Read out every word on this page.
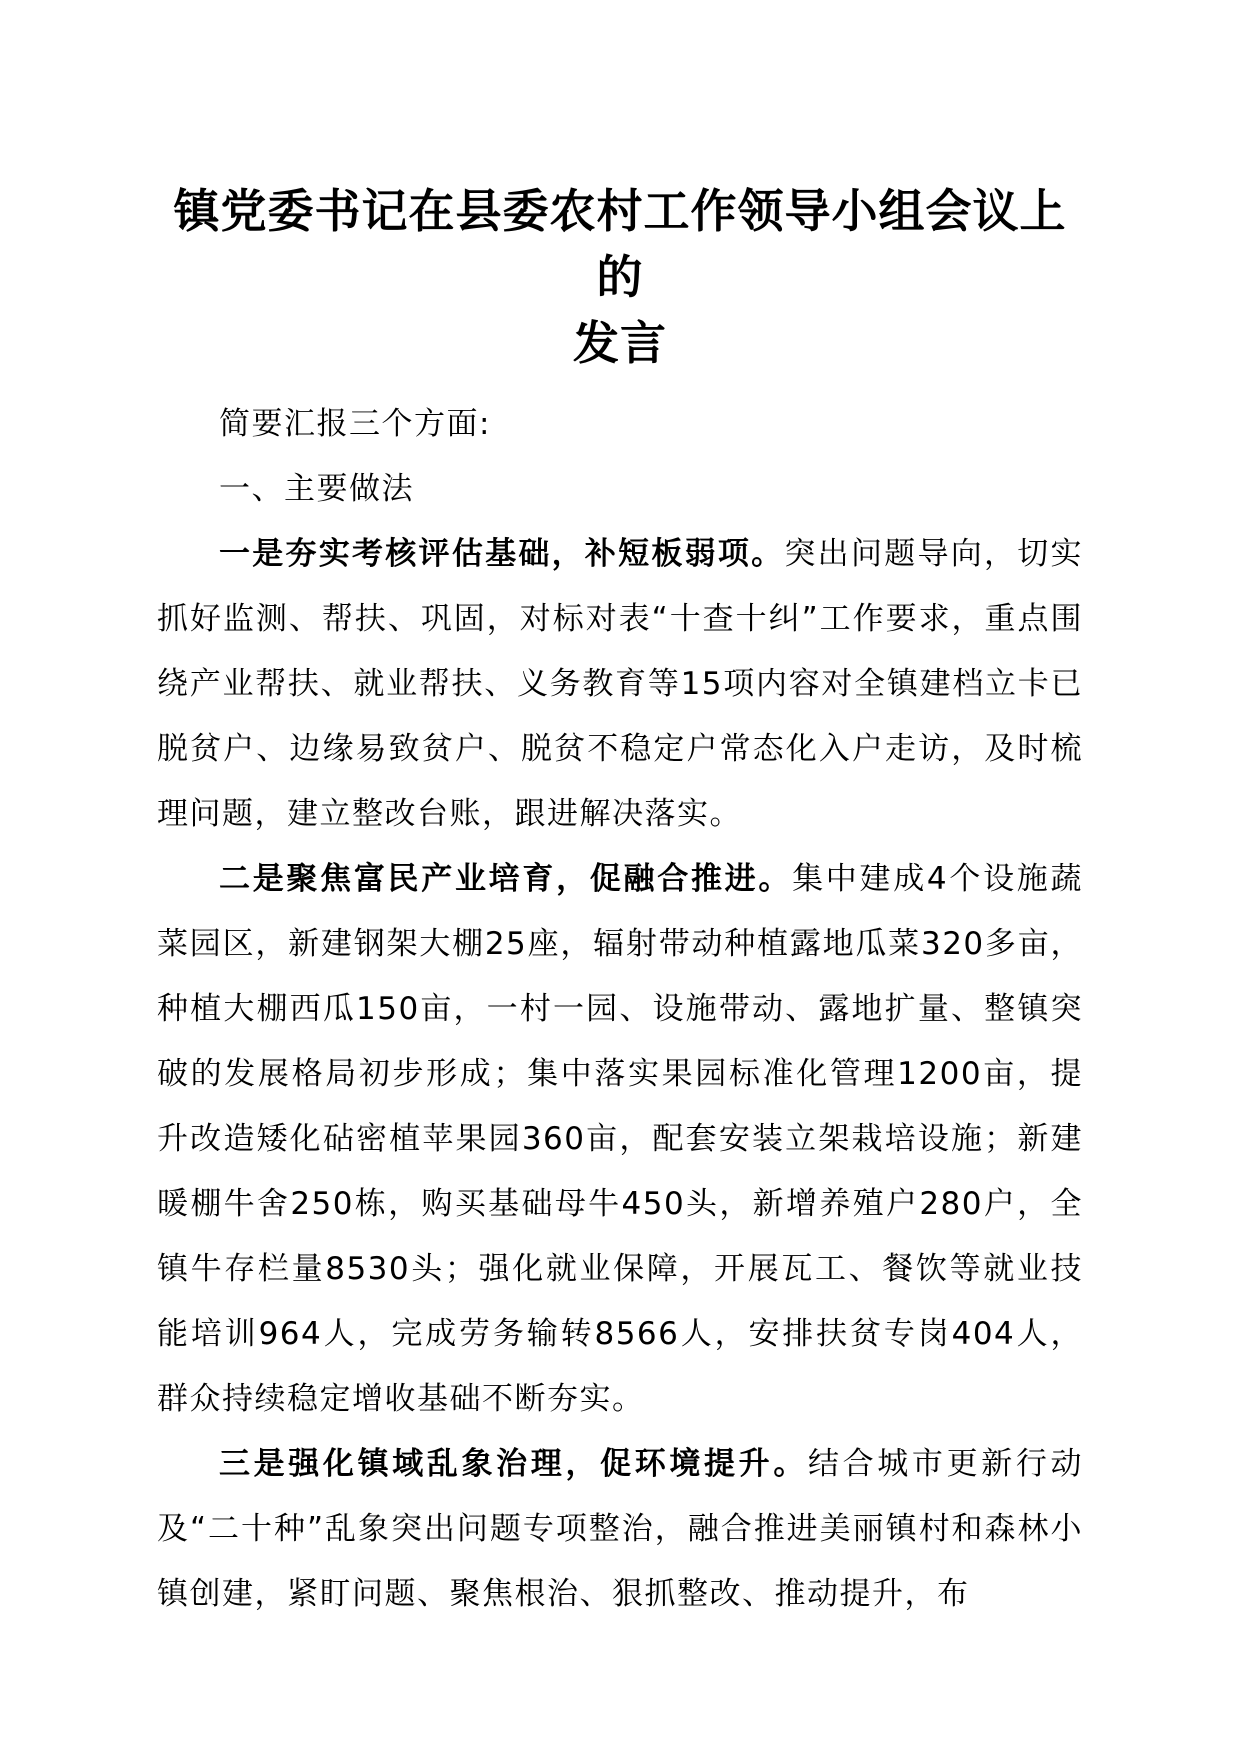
镇党委书记在县委农村工作领导小组会议上的
发言

简要汇报三个方面:

一、主要做法

一是夯实考核评估基础，补短板弱项。突出问题导向，切实抓好监测、帮扶、巩固，对标对表“十查十纠”工作要求，重点围绕产业帮扶、就业帮扶、义务教育等15项内容对全镇建档立卡已脱贫户、边缘易致贫户、脱贫不稳定户常态化入户走访，及时梳理问题，建立整改台账，跟进解决落实。

二是聚焦富民产业培育，促融合推进。集中建成4个设施蔬菜园区，新建钢架大棚25座，辐射带动种植露地瓜菜320多亩，种植大棚西瓜150亩，一村一园、设施带动、露地扩量、整镇突破的发展格局初步形成；集中落实果园标准化管理1200亩，提升改造矮化砧密植苹果园360亩，配套安装立架栽培设施；新建暖棚牛舍250栋，购买基础母牛450头，新增养殖户280户，全镇牛存栏量8530头；强化就业保障，开展瓦工、餐饮等就业技能培训964人，完成劳务输转8566人，安排扶贫专岗404人，群众持续稳定增收基础不断夯实。

三是强化镇域乱象治理，促环境提升。结合城市更新行动及“二十种”乱象突出问题专项整治，融合推进美丽镇村和森林小镇创建，紧盯问题、聚焦根治、狠抓整改、推动提升，布
